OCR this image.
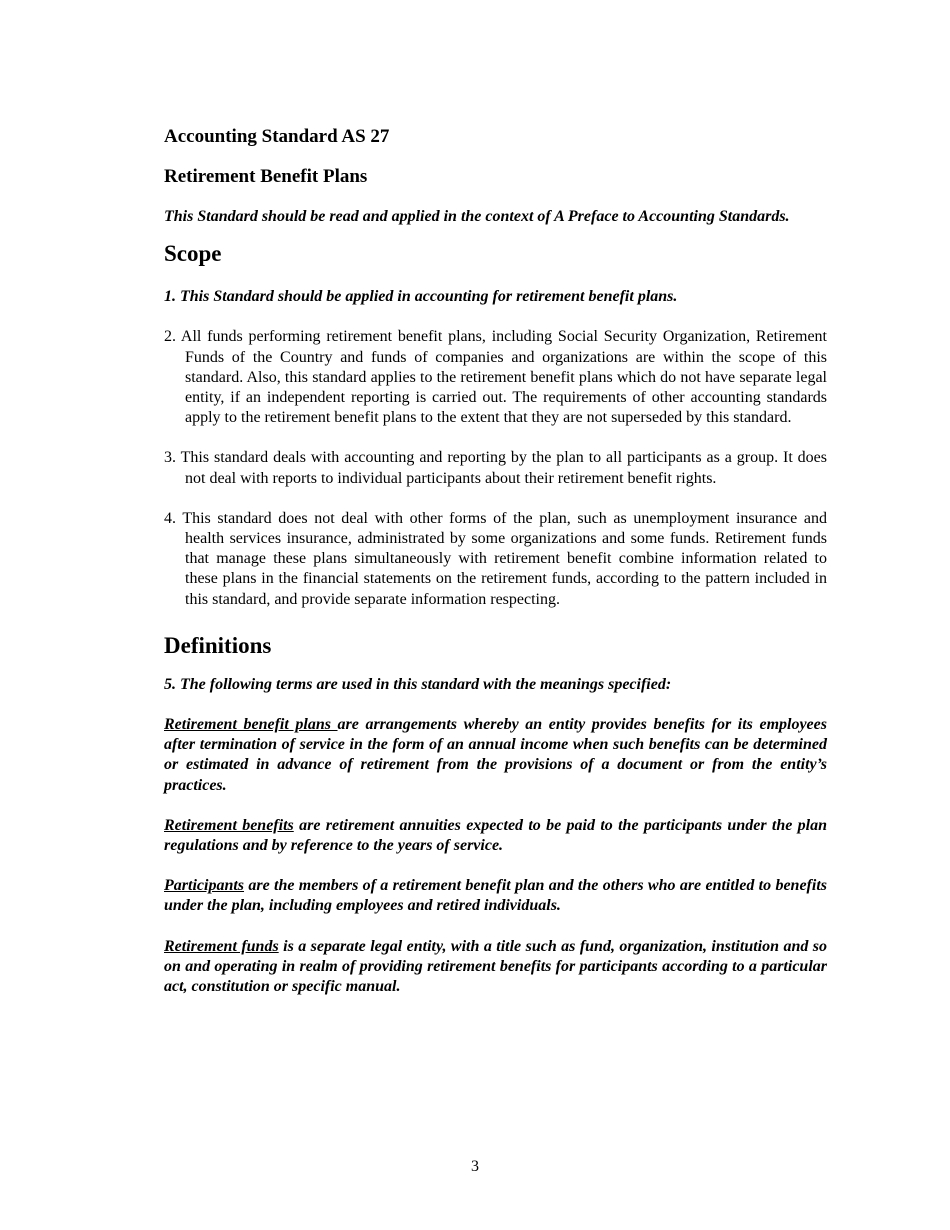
Accounting Standard AS 27
Retirement Benefit Plans

This Standard should be read and applied in the context of A Preface to Accounting Standards.

Scope

1. This Standard should be applied in accounting for retirement benefit plans.

2. All funds performing retirement benefit plans, including Social Security Organization, Retirement Funds of the Country and funds of companies and organizations are within the scope of this standard. Also, this standard applies to the retirement benefit plans which do not have separate legal entity, if an independent reporting is carried out. The requirements of other accounting standards apply to the retirement benefit plans to the extent that they are not superseded by this standard.

3. This standard deals with accounting and reporting by the plan to all participants as a group. It does not deal with reports to individual participants about their retirement benefit rights.

4. This standard does not deal with other forms of the plan, such as unemployment insurance and health services insurance, administrated by some organizations and some funds. Retirement funds that manage these plans simultaneously with retirement benefit combine information related to these plans in the financial statements on the retirement funds, according to the pattern included in this standard, and provide separate information respecting.

Definitions

5. The following terms are used in this standard with the meanings specified:

Retirement benefit plans are arrangements whereby an entity provides benefits for its employees after termination of service in the form of an annual income when such benefits can be determined or estimated in advance of retirement from the provisions of a document or from the entity’s practices.

Retirement benefits are retirement annuities expected to be paid to the participants under the plan regulations and by reference to the years of service.

Participants are the members of a retirement benefit plan and the others who are entitled to benefits under the plan, including employees and retired individuals.

Retirement funds is a separate legal entity, with a title such as fund, organization, institution and so on and operating in realm of providing retirement benefits for participants according to a particular act, constitution or specific manual.

3
